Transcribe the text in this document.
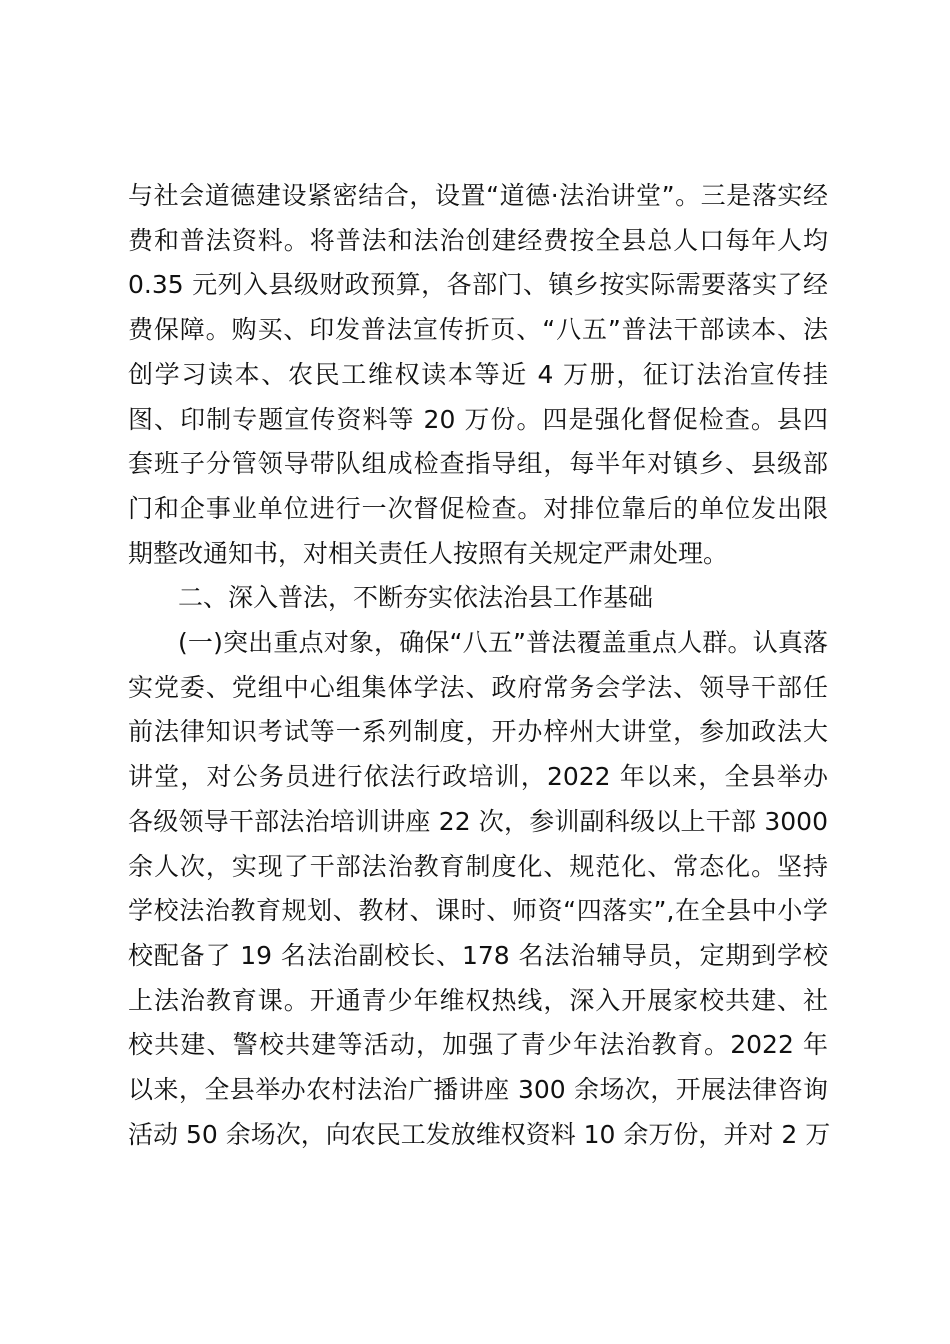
与社会道德建设紧密结合，设置“道德·法治讲堂”。三是落实经
费和普法资料。将普法和法治创建经费按全县总人口每年人均
0.35 元列入县级财政预算，各部门、镇乡按实际需要落实了经
费保障。购买、印发普法宣传折页、“八五”普法干部读本、法
创学习读本、农民工维权读本等近 4 万册，征订法治宣传挂
图、印制专题宣传资料等 20 万份。四是强化督促检查。县四
套班子分管领导带队组成检查指导组，每半年对镇乡、县级部
门和企事业单位进行一次督促检查。对排位靠后的单位发出限
期整改通知书，对相关责任人按照有关规定严肃处理。
二、深入普法，不断夯实依法治县工作基础
(一)突出重点对象，确保“八五”普法覆盖重点人群。认真落
实党委、党组中心组集体学法、政府常务会学法、领导干部任
前法律知识考试等一系列制度，开办梓州大讲堂，参加政法大
讲堂，对公务员进行依法行政培训，2022 年以来，全县举办
各级领导干部法治培训讲座 22 次，参训副科级以上干部 3000
余人次，实现了干部法治教育制度化、规范化、常态化。坚持
学校法治教育规划、教材、课时、师资“四落实”,在全县中小学
校配备了 19 名法治副校长、178 名法治辅导员，定期到学校
上法治教育课。开通青少年维权热线，深入开展家校共建、社
校共建、警校共建等活动，加强了青少年法治教育。2022 年
以来，全县举办农村法治广播讲座 300 余场次，开展法律咨询
活动 50 余场次，向农民工发放维权资料 10 余万份，并对 2 万
